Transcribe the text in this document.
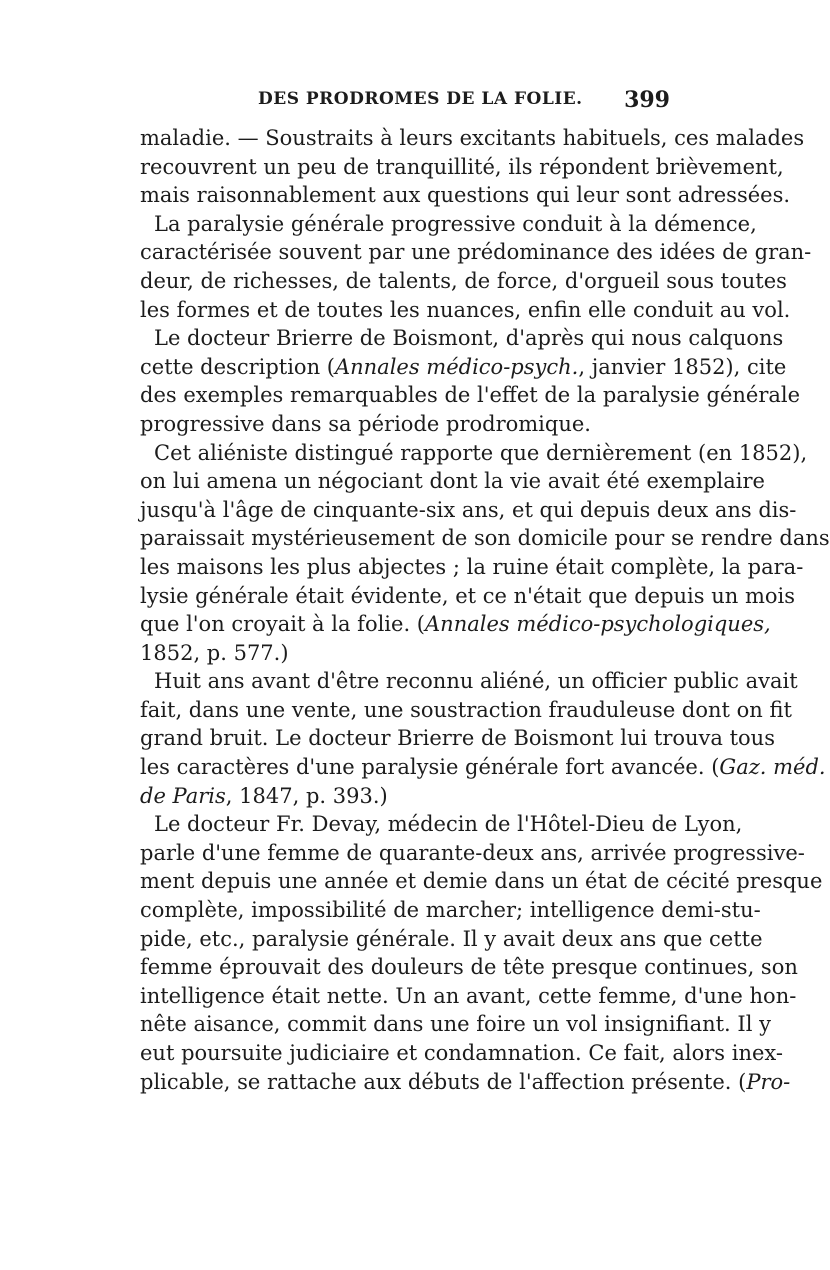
DES PRODROMES DE LA FOLIE. 399
maladie. — Soustraits à leurs excitants habituels, ces malades
recouvrent un peu de tranquillité, ils répondent brièvement,
mais raisonnablement aux questions qui leur sont adressées.
La paralysie générale progressive conduit à la démence,
caractérisée souvent par une prédominance des idées de gran-
deur, de richesses, de talents, de force, d'orgueil sous toutes
les formes et de toutes les nuances, enfin elle conduit au vol.
Le docteur Brierre de Boismont, d'après qui nous calquons
cette description (Annales médico-psych., janvier 1852), cite
des exemples remarquables de l'effet de la paralysie générale
progressive dans sa période prodromique.
Cet aliéniste distingué rapporte que dernièrement (en 1852),
on lui amena un négociant dont la vie avait été exemplaire
jusqu'à l'âge de cinquante-six ans, et qui depuis deux ans dis-
paraissait mystérieusement de son domicile pour se rendre dans
les maisons les plus abjectes ; la ruine était complète, la para-
lysie générale était évidente, et ce n'était que depuis un mois
que l'on croyait à la folie. (Annales médico-psychologiques,
1852, p. 577.)
Huit ans avant d'être reconnu aliéné, un officier public avait
fait, dans une vente, une soustraction frauduleuse dont on fit
grand bruit. Le docteur Brierre de Boismont lui trouva tous
les caractères d'une paralysie générale fort avancée. (Gaz. méd.
de Paris, 1847, p. 393.)
Le docteur Fr. Devay, médecin de l'Hôtel-Dieu de Lyon,
parle d'une femme de quarante-deux ans, arrivée progressive-
ment depuis une année et demie dans un état de cécité presque
complète, impossibilité de marcher; intelligence demi-stu-
pide, etc., paralysie générale. Il y avait deux ans que cette
femme éprouvait des douleurs de tête presque continues, son
intelligence était nette. Un an avant, cette femme, d'une hon-
nête aisance, commit dans une foire un vol insignifiant. Il y
eut poursuite judiciaire et condamnation. Ce fait, alors inex-
plicable, se rattache aux débuts de l'affection présente. (Pro-
